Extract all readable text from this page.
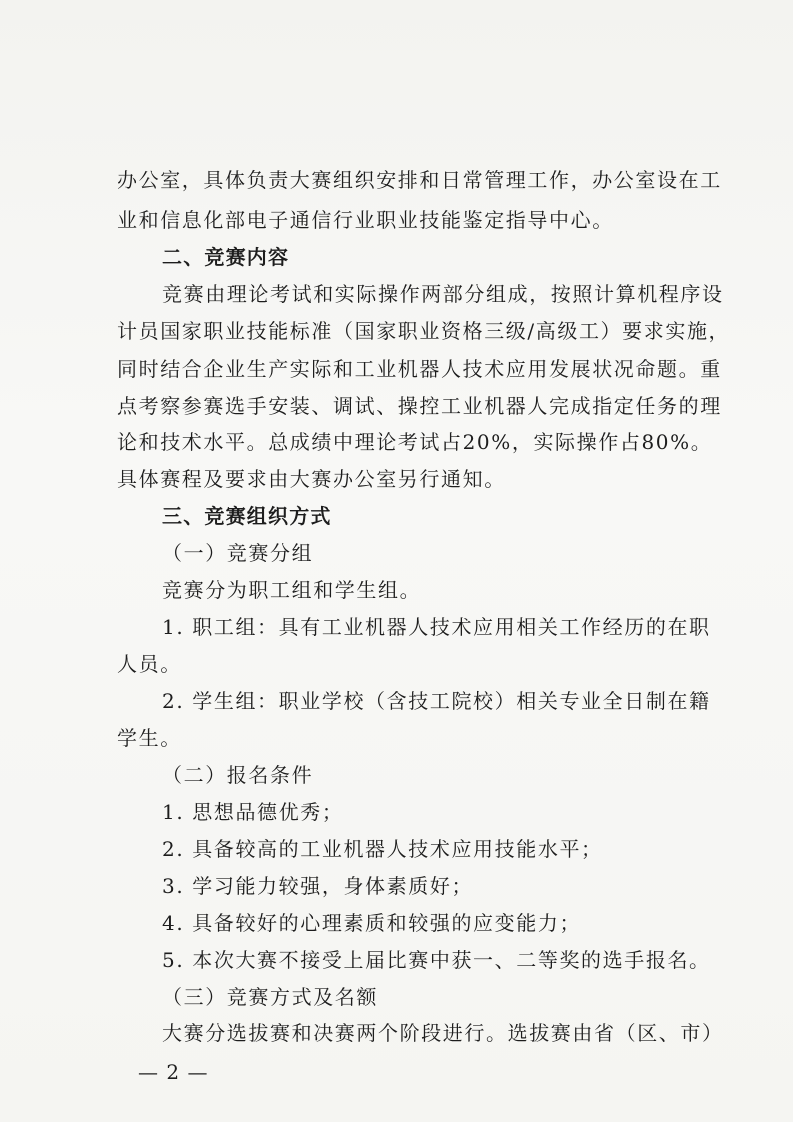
办公室，具体负责大赛组织安排和日常管理工作，办公室设在工
业和信息化部电子通信行业职业技能鉴定指导中心。
二、竞赛内容
竞赛由理论考试和实际操作两部分组成，按照计算机程序设
计员国家职业技能标准（国家职业资格三级/高级工）要求实施，
同时结合企业生产实际和工业机器人技术应用发展状况命题。重
点考察参赛选手安装、调试、操控工业机器人完成指定任务的理
论和技术水平。总成绩中理论考试占20%，实际操作占80%。
具体赛程及要求由大赛办公室另行通知。
三、竞赛组织方式
（一）竞赛分组
竞赛分为职工组和学生组。
1. 职工组：具有工业机器人技术应用相关工作经历的在职
人员。
2. 学生组：职业学校（含技工院校）相关专业全日制在籍
学生。
（二）报名条件
1. 思想品德优秀；
2. 具备较高的工业机器人技术应用技能水平；
3. 学习能力较强，身体素质好；
4. 具备较好的心理素质和较强的应变能力；
5. 本次大赛不接受上届比赛中获一、二等奖的选手报名。
（三）竞赛方式及名额
大赛分选拔赛和决赛两个阶段进行。选拔赛由省（区、市）
— 2 —
